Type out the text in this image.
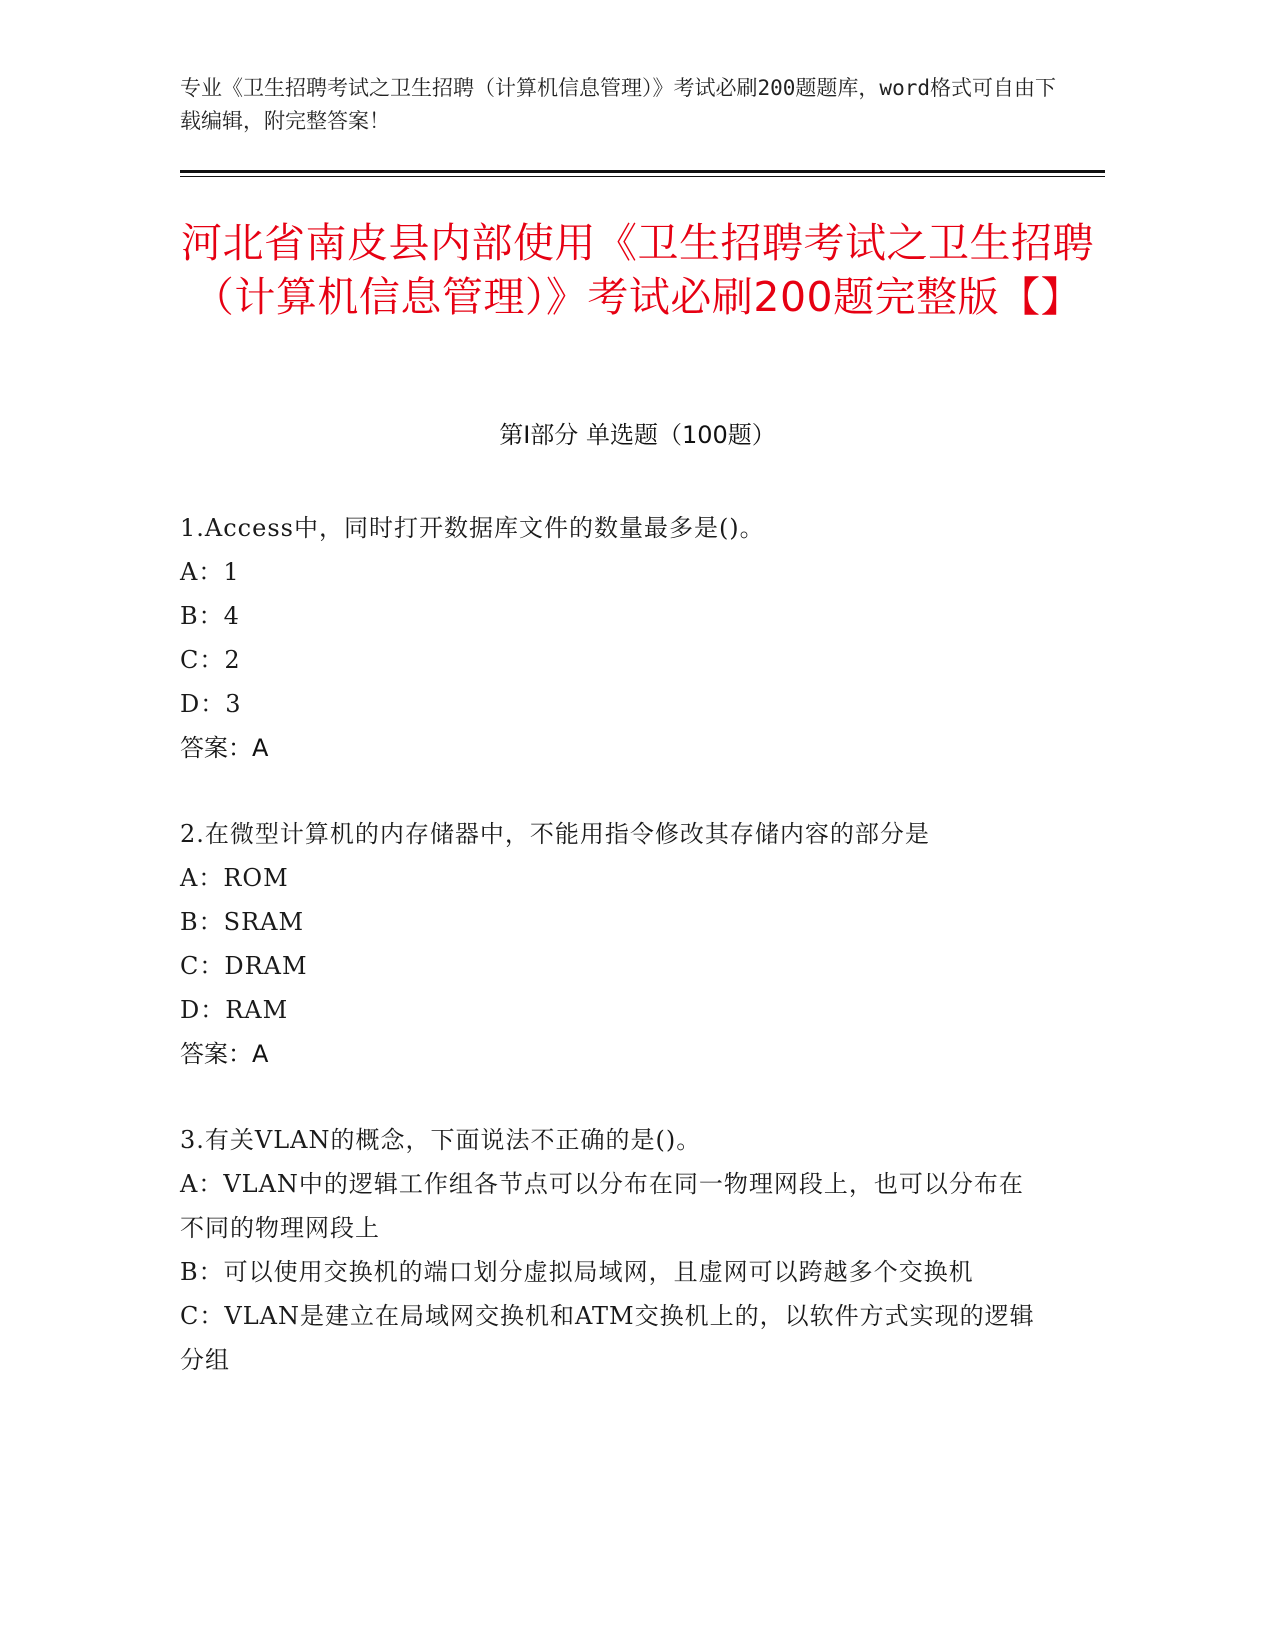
专业《卫生招聘考试之卫生招聘（计算机信息管理）》考试必刷200题题库，word格式可自由下载编辑，附完整答案！
河北省南皮县内部使用《卫生招聘考试之卫生招聘（计算机信息管理）》考试必刷200题完整版【】
第I部分 单选题（100题）
1.Access中，同时打开数据库文件的数量最多是()。
A：1
B：4
C：2
D：3
答案：A
2.在微型计算机的内存储器中，不能用指令修改其存储内容的部分是
A：ROM
B：SRAM
C：DRAM
D：RAM
答案：A
3.有关VLAN的概念，下面说法不正确的是()。
A：VLAN中的逻辑工作组各节点可以分布在同一物理网段上，也可以分布在不同的物理网段上
B：可以使用交换机的端口划分虚拟局域网，且虚网可以跨越多个交换机
C：VLAN是建立在局域网交换机和ATM交换机上的，以软件方式实现的逻辑分组
